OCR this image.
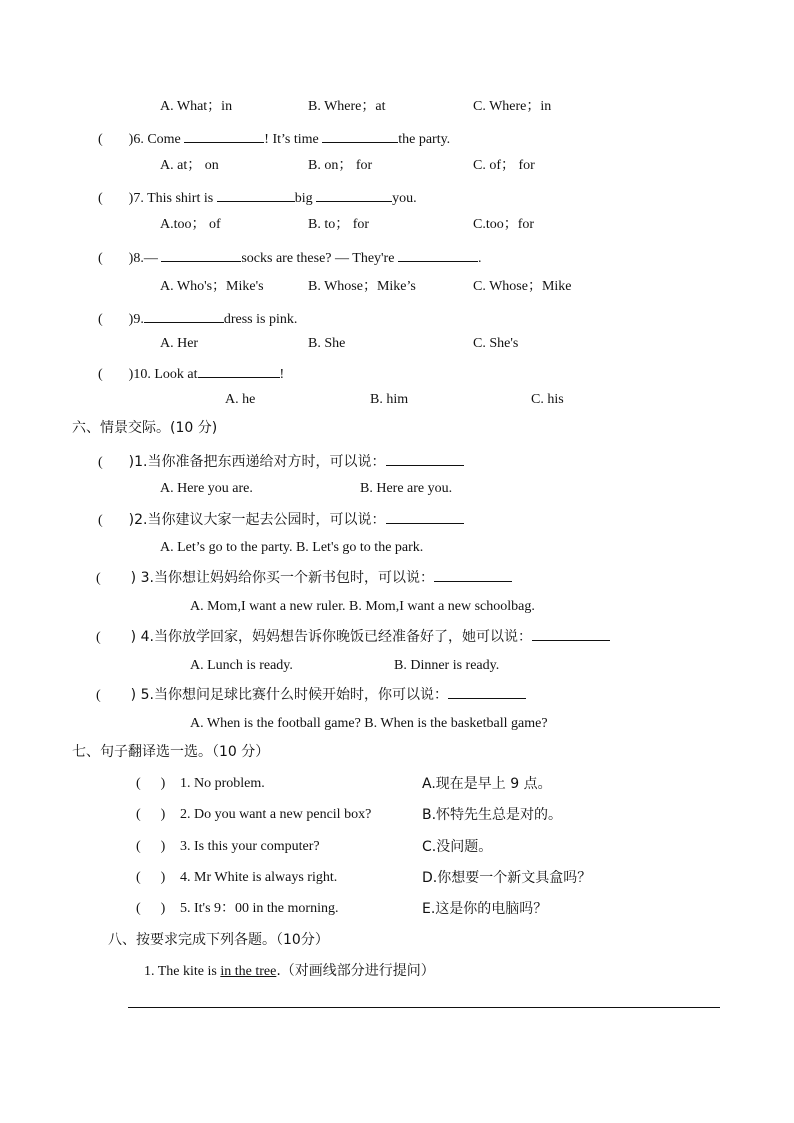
A. What；in	B. Where；at	C. Where；in
( )6. Come	! It’s time	the party.
A. at； on	B. on； for	C. of； for
( )7. This shirt is	big	you.
A.too； of	B. to； for	C.too；for
( )8.—	socks are these? — They're	.
A. Who's；Mike's	B. Whose；Mike’s	C. Whose；Mike
( )9.	dress is pink.
A. Her	B. She	C. She's
( )10. Look at	!
A. he	B. him	C. his
六、情景交际。(10 分)
( )1.当你准备把东西递给对方时，可以说：
A. Here you are.	B. Here are you.
( )2.当你建议大家一起去公园时，可以说：
A. Let’s go to the party. B. Let's go to the park.
( ) 3.当你想让妈妈给你买一个新书包时，可以说：
A. Mom,I want a new ruler. B. Mom,I want a new schoolbag.
( ) 4.当你放学回家，妈妈想告诉你晚饭已经准备好了，她可以说：
A. Lunch is ready.	B. Dinner is ready.
( ) 5.当你想问足球比赛什么时候开始时，你可以说：
A. When is the football game? B. When is the basketball game?
七、句子翻译选一选。（10 分）
( ) 1. No problem.	A.现在是早上 9 点。
( ) 2. Do you want a new pencil box?	B.怀特先生总是对的。
( ) 3. Is this your computer?	C.没问题。
( ) 4. Mr White is always right.	D.你想要一个新文具盒吗？
( ) 5. It's 9：00 in the morning.	E.这是你的电脑吗？
八、按要求完成下列各题。（10分）
1. The kite is in the tree.（对画线部分进行提问）
